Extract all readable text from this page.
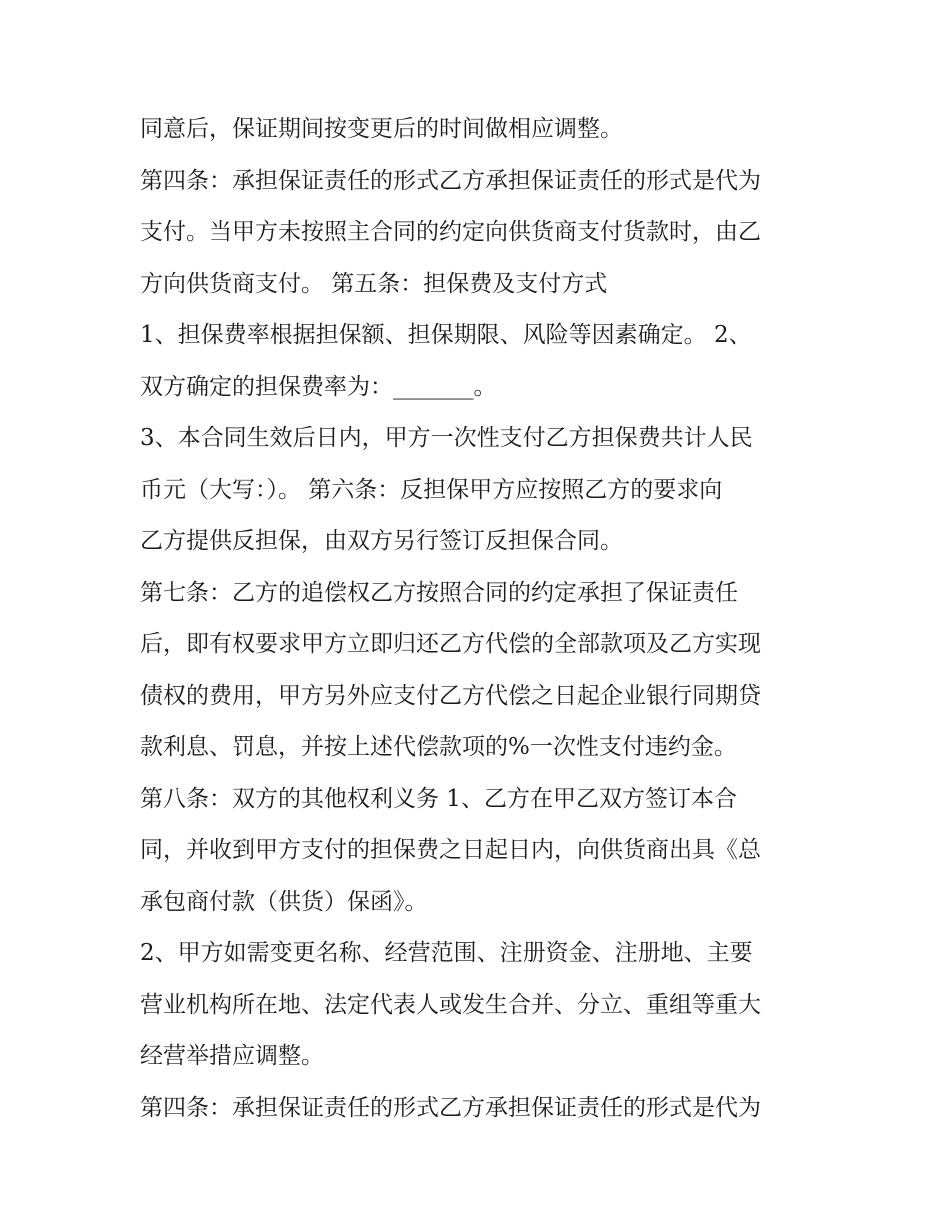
同意后，保证期间按变更后的时间做相应调整。
第四条：承担保证责任的形式乙方承担保证责任的形式是代为
支付。当甲方未按照主合同的约定向供货商支付货款时，由乙
方向供货商支付。 第五条：担保费及支付方式
1、担保费率根据担保额、担保期限、风险等因素确定。 2、
双方确定的担保费率为：_______。
3、本合同生效后日内，甲方一次性支付乙方担保费共计人民
币元（大写：）。 第六条：反担保甲方应按照乙方的要求向
乙方提供反担保，由双方另行签订反担保合同。
第七条：乙方的追偿权乙方按照合同的约定承担了保证责任
后，即有权要求甲方立即归还乙方代偿的全部款项及乙方实现
债权的费用，甲方另外应支付乙方代偿之日起企业银行同期贷
款利息、罚息，并按上述代偿款项的%一次性支付违约金。
第八条：双方的其他权利义务 1、乙方在甲乙双方签订本合
同，并收到甲方支付的担保费之日起日内，向供货商出具《总
承包商付款（供货）保函》。
2、甲方如需变更名称、经营范围、注册资金、注册地、主要
营业机构所在地、法定代表人或发生合并、分立、重组等重大
经营举措应调整。
第四条：承担保证责任的形式乙方承担保证责任的形式是代为
